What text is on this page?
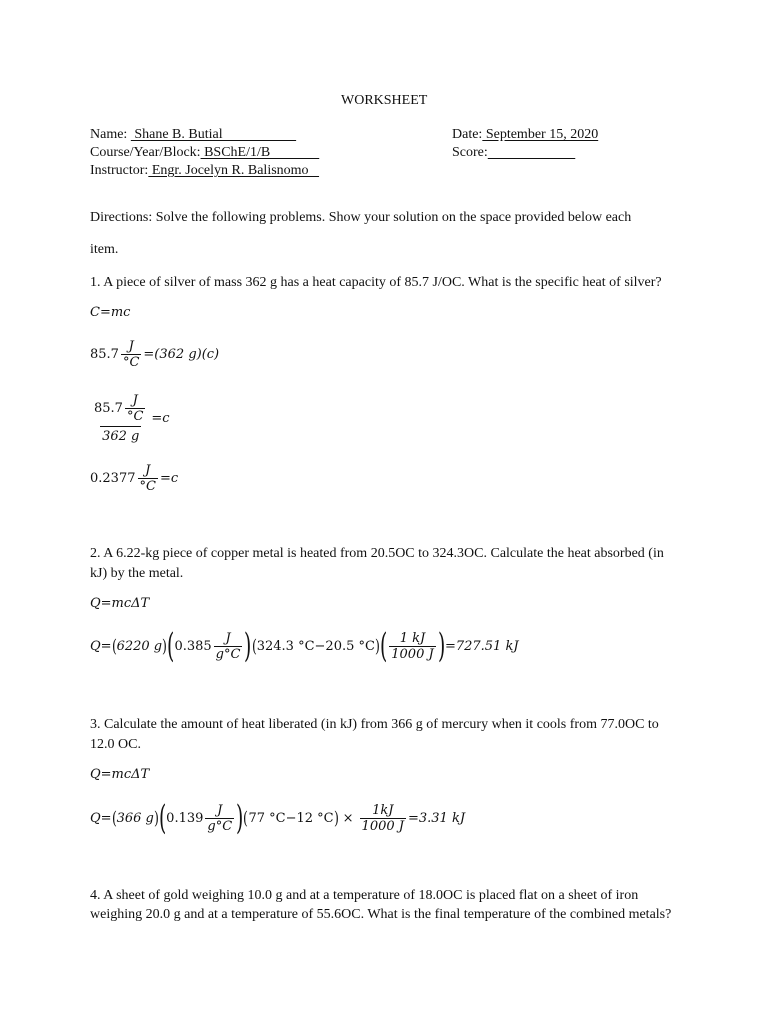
WORKSHEET
Name:  Shane B. Butial	Date: September 15, 2020
Course/Year/Block: BSChE/1/B	Score:
Instructor: Engr. Jocelyn R. Balisnomo
Directions: Solve the following problems. Show your solution on the space provided below each
item.
1. A piece of silver of mass 362 g has a heat capacity of 85.7 J/OC. What is the specific heat of silver?
C=mc
$85.7 \frac{J}{^\circ C} =(362$ g)(c)
$\frac{85.7 \frac{J}{^\circ C}}{362 g} =c$
$0.2377 \frac{J}{^\circ C} =c$
2. A 6.22-kg piece of copper metal is heated from 20.5OC to 324.3OC. Calculate the heat absorbed (in
kJ) by the metal.
Q=mcΔT
Q= ( 6220 g ) ( $0.385 \frac{J}{g^\circ C}$ ) ( 324.3 °C−20.5 °C ) ( $\frac{1 kJ}{1000 J}$ ) =727.51 kJ
3. Calculate the amount of heat liberated (in kJ) from 366 g of mercury when it cools from 77.0OC to
12.0 OC.
Q=mcΔT
Q= ( 366 g ) ( $0.139 \frac{J}{g^\circ C}$ ) ( 77 °C−12 °C ) × $\frac{1kJ}{1000 J} =3.31$ kJ
4. A sheet of gold weighing 10.0 g and at a temperature of 18.0OC is placed flat on a sheet of iron
weighing 20.0 g and at a temperature of 55.6OC. What is the final temperature of the combined metals?
